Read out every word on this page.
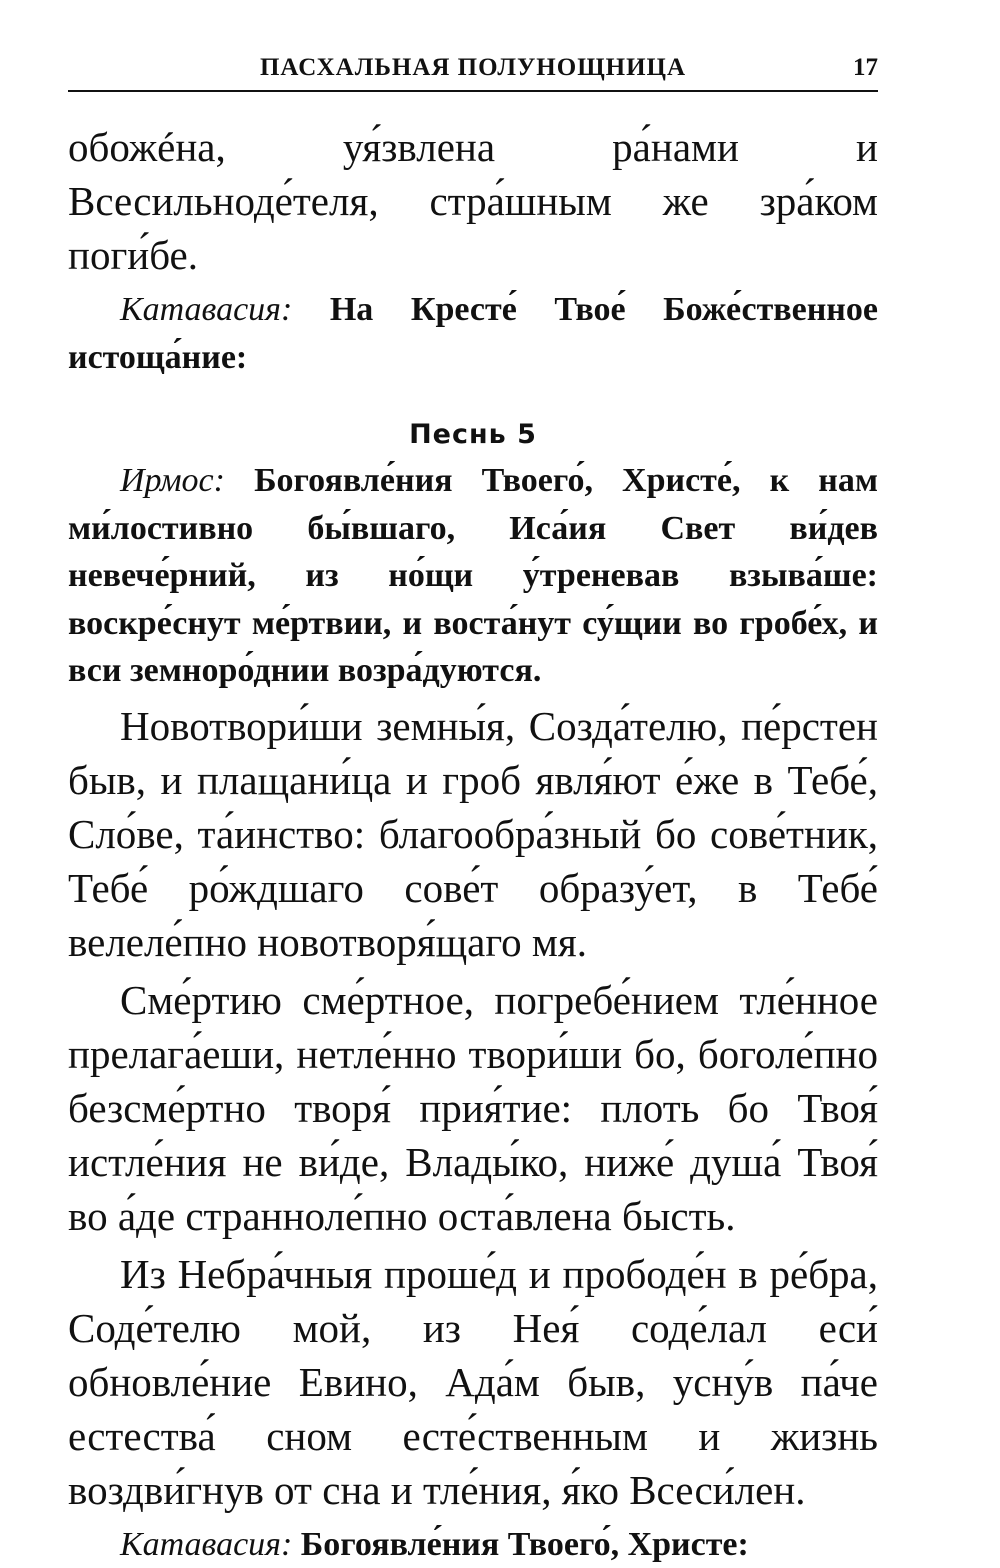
ПАСХАЛЬНАЯ ПОЛУНОЩНИЦА	17

обожéна, уя́звлена ра́нами и Всесильноде́теля, стра́шным же зра́ком поги́бе.

Катавасия: На Кресте́ Твое́ Боже́ственное истоща́ние:

Песнь 5

Ирмос: Богоявле́ния Твоего́, Христе́, к нам ми́лостивно бы́вшаго, Иса́ия Свет ви́дев невече́рний, из но́щи у́треневав взыва́ше: воскре́снут ме́ртвии, и воста́нут су́щии во гробе́х, и вси земноро́днии возра́дуются.

Новотвори́ши земны́я, Созда́телю, пе́рстен быв, и плащани́ца и гроб явля́ют е́же в Тебе́, Сло́ве, та́инство: благообра́зный бо сове́тник, Тебе́ ро́ждшаго сове́т образу́ет, в Тебе́ велеле́пно новотворя́щаго мя.

Сме́ртию сме́ртное, погребе́нием тле́нное прелага́еши, нетле́нно твори́ши бо, боголе́пно безсме́ртно творя́ прия́тие: плоть бо Твоя́ истле́ния не ви́де, Влады́ко, ниже́ душа́ Твоя́ во а́де странноле́пно оста́влена бысть.

Из Небра́чныя проше́д и прободе́н в ре́бра, Соде́телю мой, из Нея́ соде́лал еси́ обновле́ние Евино, Ада́м быв, усну́в па́че естества́ сном есте́ственным и жизнь воздви́гнув от сна и тле́ния, я́ко Всеси́лен.

Катавасия: Богоявле́ния Твоего́, Христе:
